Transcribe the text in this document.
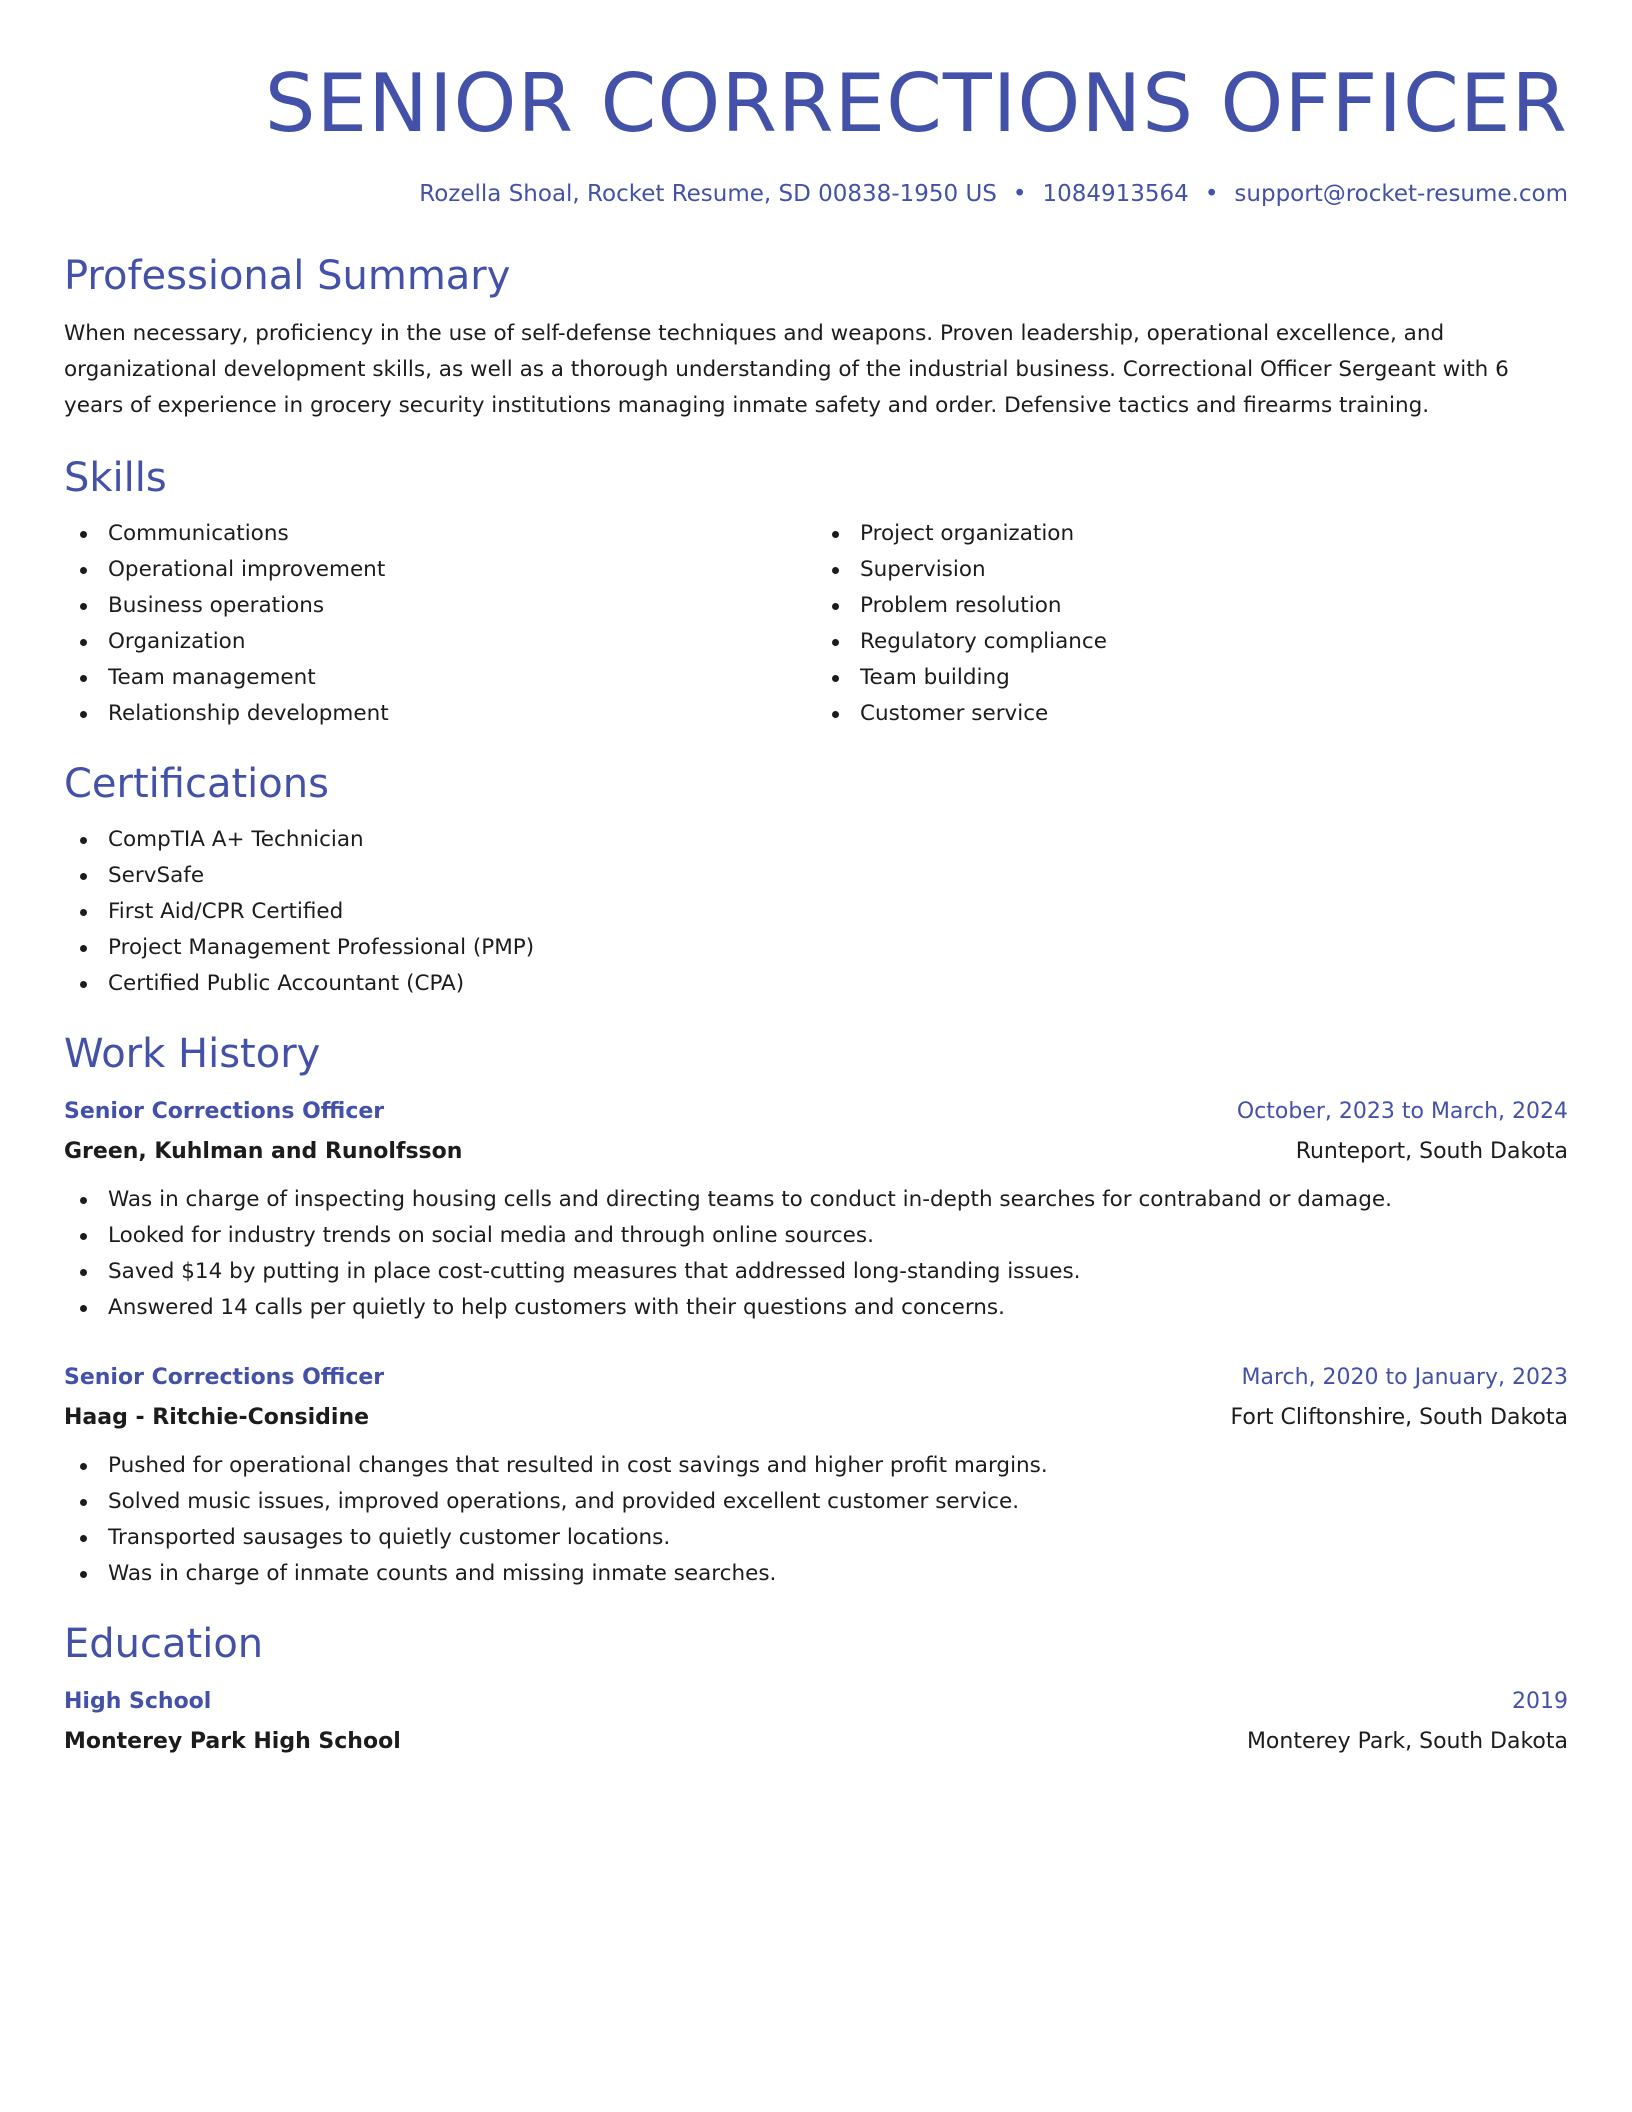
SENIOR CORRECTIONS OFFICER
Rozella Shoal, Rocket Resume, SD 00838-1950 US • 1084913564 • support@rocket-resume.com
Professional Summary

When necessary, proficiency in the use of self-defense techniques and weapons. Proven leadership, operational excellence, and organizational development skills, as well as a thorough understanding of the industrial business. Correctional Officer Sergeant with 6 years of experience in grocery security institutions managing inmate safety and order. Defensive tactics and firearms training.

Skills
Communications
Operational improvement
Business operations
Organization
Team management
Relationship development
Project organization
Supervision
Problem resolution
Regulatory compliance
Team building
Customer service
Certifications
CompTIA A+ Technician
ServSafe
First Aid/CPR Certified
Project Management Professional (PMP)
Certified Public Accountant (CPA)
Work History
Senior Corrections Officer	October, 2023 to March, 2024
Green, Kuhlman and Runolfsson	Runteport, South Dakota
Was in charge of inspecting housing cells and directing teams to conduct in-depth searches for contraband or damage.
Looked for industry trends on social media and through online sources.
Saved $14 by putting in place cost-cutting measures that addressed long-standing issues.
Answered 14 calls per quietly to help customers with their questions and concerns.
Senior Corrections Officer	March, 2020 to January, 2023
Haag - Ritchie-Considine	Fort Cliftonshire, South Dakota
Pushed for operational changes that resulted in cost savings and higher profit margins.
Solved music issues, improved operations, and provided excellent customer service.
Transported sausages to quietly customer locations.
Was in charge of inmate counts and missing inmate searches.
Education
High School	2019
Monterey Park High School	Monterey Park, South Dakota
